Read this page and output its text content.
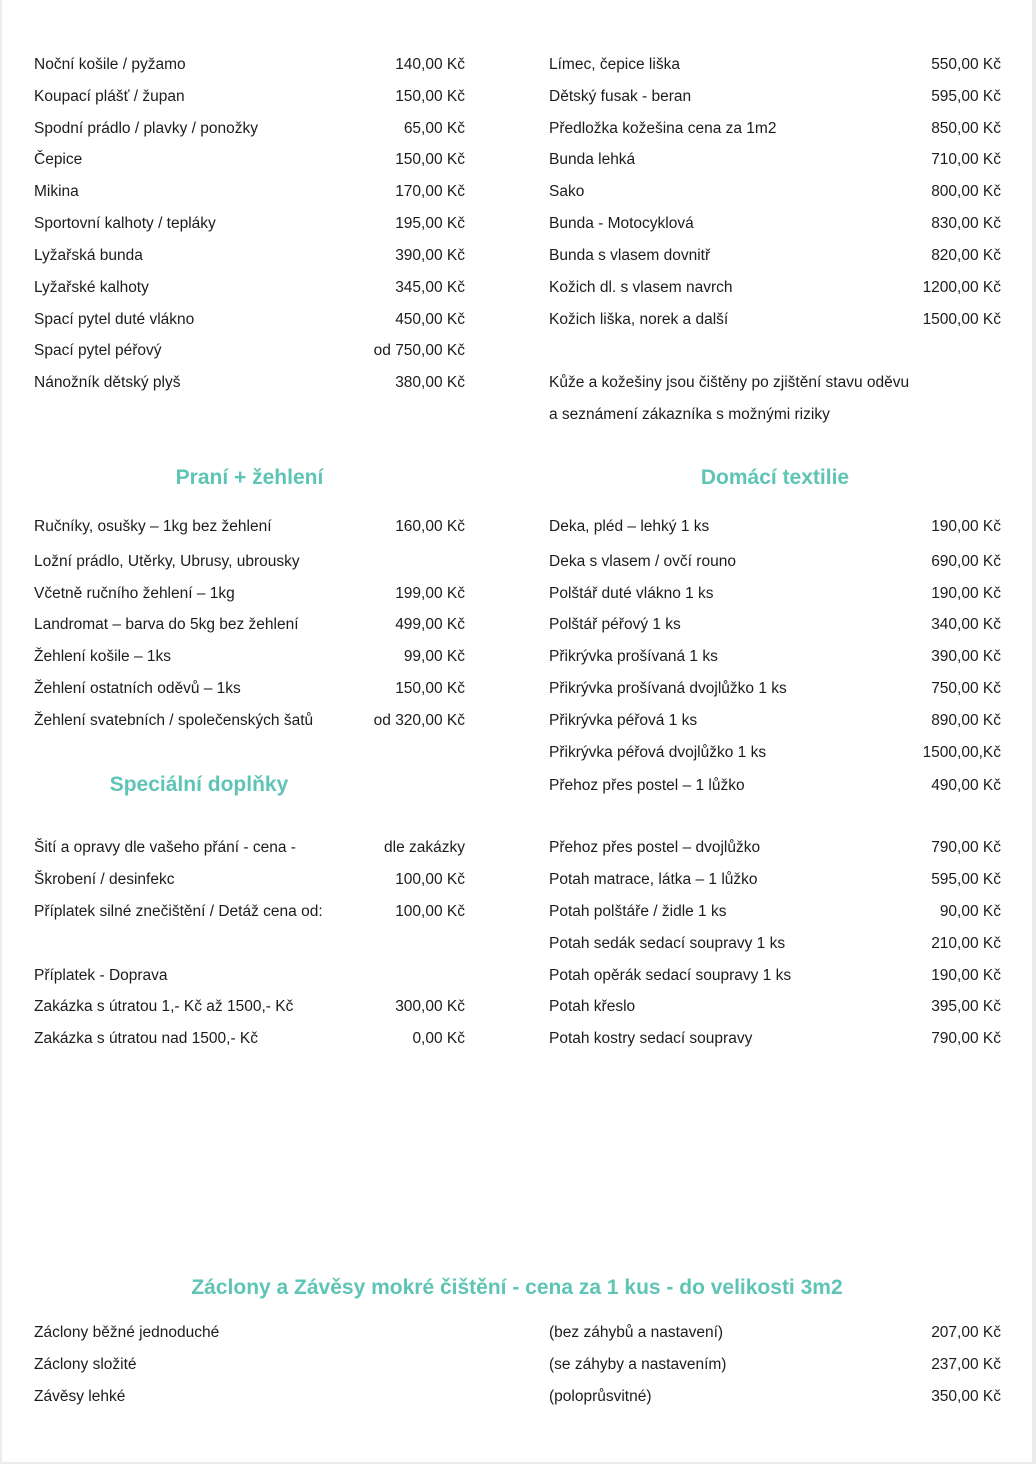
Noční košile / pyžamo	140,00 Kč
Koupací plášť / župan	150,00 Kč
Spodní prádlo / plavky / ponožky	65,00 Kč
Čepice	150,00 Kč
Mikina	170,00 Kč
Sportovní kalhoty / tepláky	195,00 Kč
Lyžařská bunda	390,00 Kč
Lyžařské kalhoty	345,00 Kč
Spací pytel duté vlákno	450,00 Kč
Spací pytel péřový	od 750,00 Kč
Nánožník dětský plyš	380,00 Kč
Praní + žehlení
Ručníky, osušky – 1kg bez žehlení	160,00 Kč
Ložní prádlo, Utěrky, Ubrusy, ubrousky
Včetně ručního žehlení – 1kg	199,00 Kč
Landromat – barva do 5kg bez žehlení	499,00 Kč
Žehlení košile – 1ks	99,00 Kč
Žehlení ostatních oděvů – 1ks	150,00 Kč
Žehlení svatebních / společenských šatů	od 320,00 Kč
Speciální doplňky
Šití a opravy dle vašeho přání - cena -	dle zakázky
Škrobení / desinfekc	100,00 Kč
Příplatek silné znečištění / Detáž cena od:	100,00 Kč
Příplatek - Doprava
Zakázka s útratou 1,- Kč až 1500,- Kč	300,00 Kč
Zakázka s útratou nad 1500,- Kč	0,00 Kč
Límec, čepice liška	550,00 Kč
Dětský fusak - beran	595,00 Kč
Předložka kožešina cena za 1m2	850,00 Kč
Bunda lehká	710,00 Kč
Sako	800,00 Kč
Bunda - Motocyklová	830,00 Kč
Bunda s vlasem dovnitř	820,00 Kč
Kožich dl. s vlasem navrch	1200,00 Kč
Kožich liška, norek a další	1500,00 Kč
Kůže a kožešiny jsou čištěny po zjištění stavu oděvu
a seznámení zákazníka s možnými riziky
Domácí textilie
Deka, pléd – lehký 1 ks	190,00 Kč
Deka s vlasem / ovčí rouno	690,00 Kč
Polštář duté vlákno 1 ks	190,00 Kč
Polštář péřový 1 ks	340,00 Kč
Přikrývka prošívaná 1 ks	390,00 Kč
Přikrývka prošívaná dvojlůžko 1 ks	750,00 Kč
Přikrývka péřová 1 ks	890,00 Kč
Přikrývka péřová dvojlůžko 1 ks	1500,00,Kč
Přehoz přes postel – 1 lůžko	490,00 Kč
Přehoz přes postel – dvojlůžko	790,00 Kč
Potah matrace, látka – 1 lůžko	595,00 Kč
Potah polštáře / židle 1 ks	90,00 Kč
Potah sedák sedací soupravy 1 ks	210,00 Kč
Potah opěrák sedací soupravy 1 ks	190,00 Kč
Potah křeslo	395,00 Kč
Potah kostry sedací soupravy	790,00 Kč
Záclony a Závěsy mokré čištění - cena za 1 kus - do velikosti 3m2
Záclony běžné jednoduché	(bez záhybů a nastavení)	207,00 Kč
Záclony složité	(se záhyby a nastavením)	237,00 Kč
Závěsy lehké	(poloprůsvitné)	350,00 Kč
